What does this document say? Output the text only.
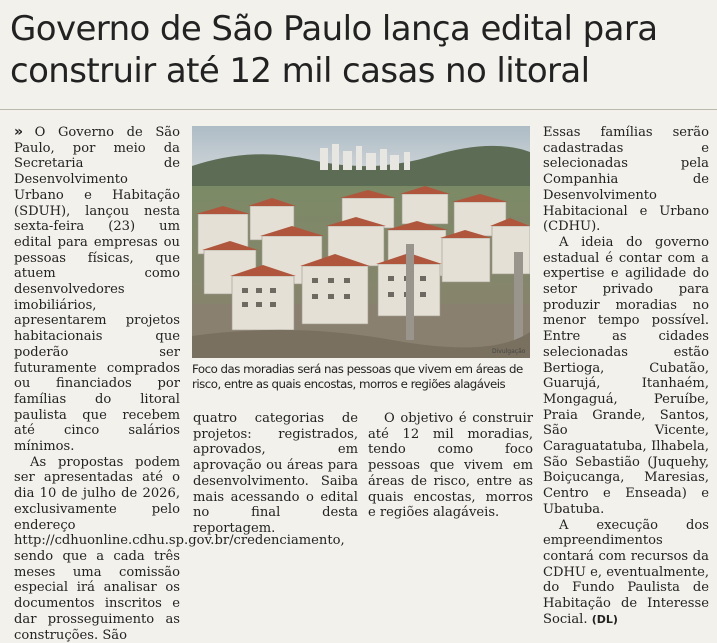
Governo de São Paulo lança edital para
construir até 12 mil casas no litoral

» O Governo de São Paulo, por meio da Secretaria de Desenvolvimento Urbano e Habitação (SDUH), lançou nesta sexta-feira (23) um edital para empresas ou pessoas físicas, que atuem como desenvolvedores imobiliários, apresentarem projetos habitacionais que poderão ser futuramente comprados ou financiados por famílias do litoral paulista que recebem até cinco salários mínimos.

As propostas podem ser apresentadas até o dia 10 de julho de 2026, exclusivamente pelo endereço http://cdhuonline.cdhu.sp.gov.br/credenciamento, sendo que a cada três meses uma comissão especial irá analisar os documentos inscritos e dar prosseguimento as construções. São

Divulgação
Foco das moradias será nas pessoas que vivem em áreas de risco, entre as quais encostas, morros e regiões alagáveis

quatro categorias de projetos: registrados, aprovados, em aprovação ou áreas para desenvolvimento. Saiba mais acessando o edital no final desta reportagem.

O objetivo é construir até 12 mil moradias, tendo como foco pessoas que vivem em áreas de risco, entre as quais encostas, morros e regiões alagáveis.

Essas famílias serão cadastradas e selecionadas pela Companhia de Desenvolvimento Habitacional e Urbano (CDHU).

A ideia do governo estadual é contar com a expertise e agilidade do setor privado para produzir moradias no menor tempo possível. Entre as cidades selecionadas estão Bertioga, Cubatão, Guarujá, Itanhaém, Mongaguá, Peruíbe, Praia Grande, Santos, São Vicente, Caraguatatuba, Ilhabela, São Sebastião (Juquehy, Boiçucanga, Maresias, Centro e Enseada) e Ubatuba.

A execução dos empreendimentos contará com recursos da CDHU e, eventualmente, do Fundo Paulista de Habitação de Interesse Social. (DL)
